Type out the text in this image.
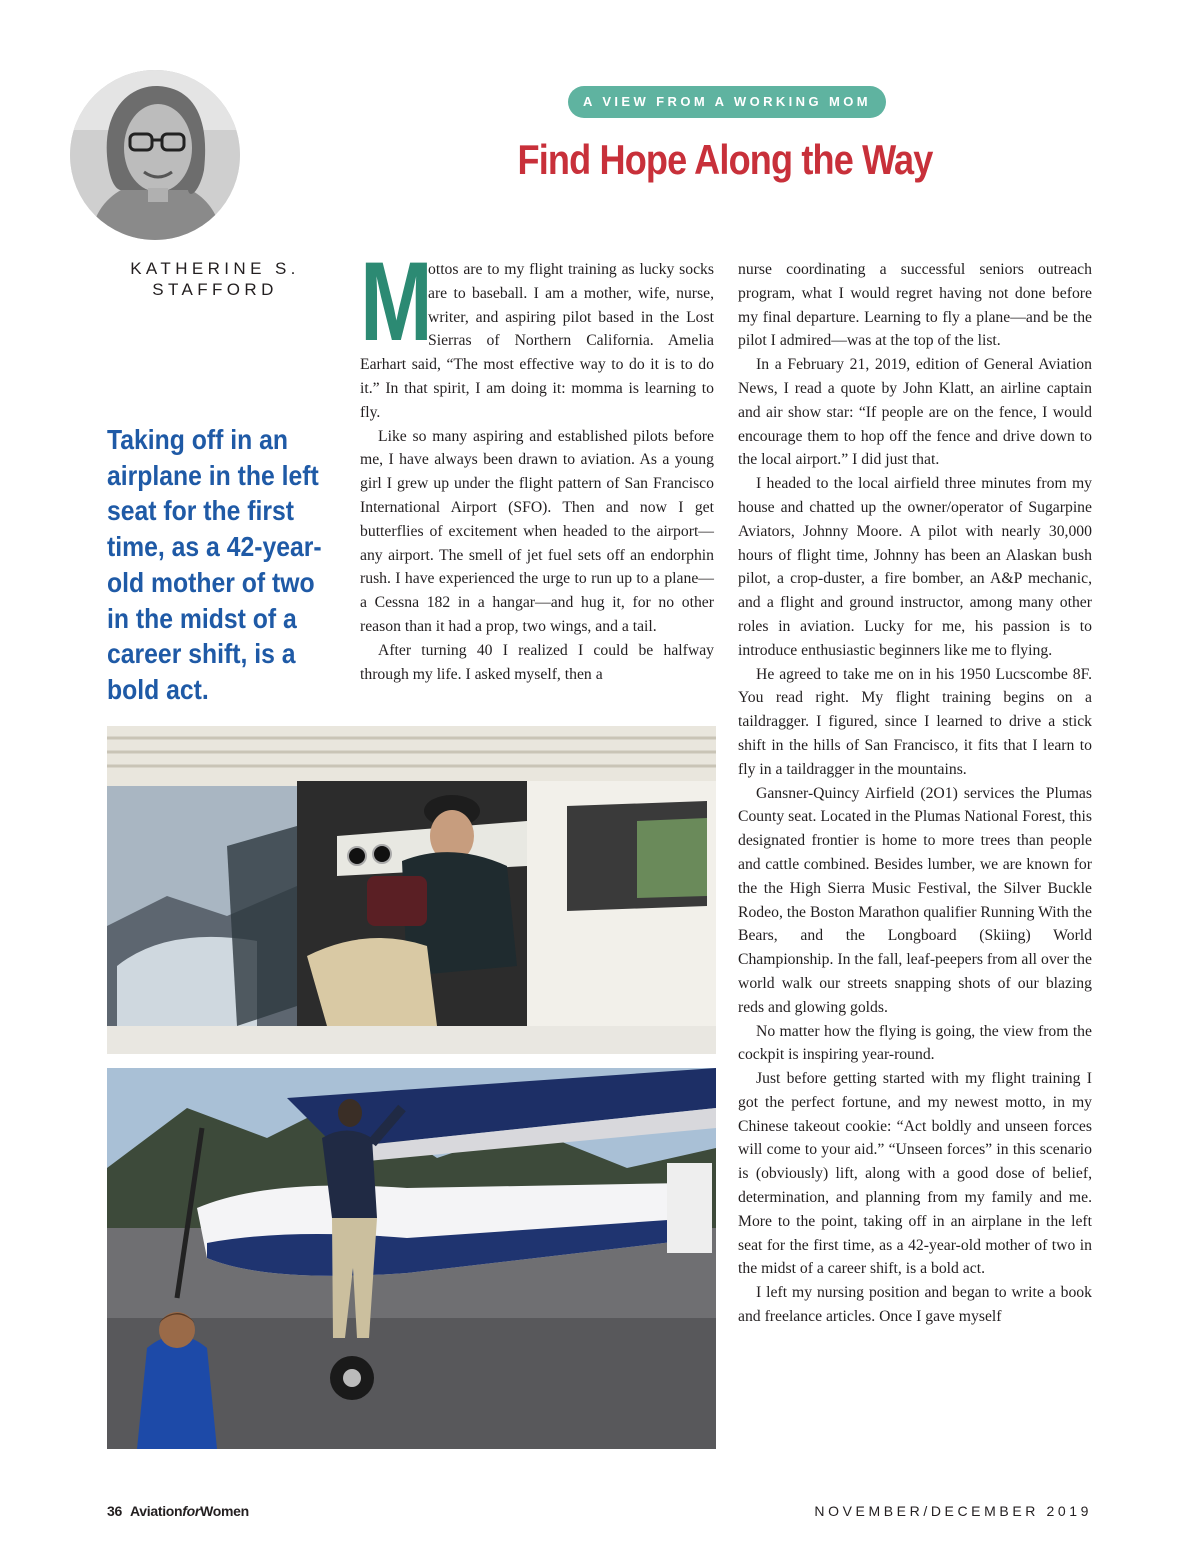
A VIEW FROM A WORKING MOM
Find Hope Along the Way
KATHERINE S.
STAFFORD
Taking off in an airplane in the left seat for the first time, as a 42-year-old mother of two in the midst of a career shift, is a bold act.

M
ottos are to my flight training as lucky socks are to baseball. I am a mother, wife, nurse, writer, and aspiring pilot based in the Lost Sierras of Northern California. Amelia Earhart said, “The most effective way to do it is to do it.” In that spirit, I am doing it: momma is learning to fly.

Like so many aspiring and established pilots before me, I have always been drawn to aviation. As a young girl I grew up under the flight pattern of San Francisco International Airport (SFO). Then and now I get butterflies of excitement when headed to the airport—any airport. The smell of jet fuel sets off an endorphin rush. I have experienced the urge to run up to a plane—a Cessna 182 in a hangar—and hug it, for no other reason than it had a prop, two wings, and a tail.

After turning 40 I realized I could be halfway through my life. I asked myself, then a

nurse coordinating a successful seniors outreach program, what I would regret having not done before my final departure. Learning to fly a plane—and be the pilot I admired—was at the top of the list.

In a February 21, 2019, edition of General Aviation News, I read a quote by John Klatt, an airline captain and air show star: “If people are on the fence, I would encourage them to hop off the fence and drive down to the local airport.” I did just that.

I headed to the local airfield three minutes from my house and chatted up the owner/operator of Sugarpine Aviators, Johnny Moore. A pilot with nearly 30,000 hours of flight time, Johnny has been an Alaskan bush pilot, a crop-duster, a fire bomber, an A&P mechanic, and a flight and ground instructor, among many other roles in aviation. Lucky for me, his passion is to introduce enthusiastic beginners like me to flying.

He agreed to take me on in his 1950 Lucscombe 8F. You read right. My flight training begins on a taildragger. I figured, since I learned to drive a stick shift in the hills of San Francisco, it fits that I learn to fly in a taildragger in the mountains.

Gansner-Quincy Airfield (2O1) services the Plumas County seat. Located in the Plumas National Forest, this designated frontier is home to more trees than people and cattle combined. Besides lumber, we are known for the the High Sierra Music Festival, the Silver Buckle Rodeo, the Boston Marathon qualifier Running With the Bears, and the Longboard (Skiing) World Championship. In the fall, leaf-peepers from all over the world walk our streets snapping shots of our blazing reds and glowing golds.

No matter how the flying is going, the view from the cockpit is inspiring year-round.

Just before getting started with my flight training I got the perfect fortune, and my newest motto, in my Chinese takeout cookie: “Act boldly and unseen forces will come to your aid.” “Unseen forces” in this scenario is (obviously) lift, along with a good dose of belief, determination, and planning from my family and me. More to the point, taking off in an airplane in the left seat for the first time, as a 42-year-old mother of two in the midst of a career shift, is a bold act.

I left my nursing position and began to write a book and freelance articles. Once I gave myself

36 AviationforWomen	NOVEMBER/DECEMBER 2019
